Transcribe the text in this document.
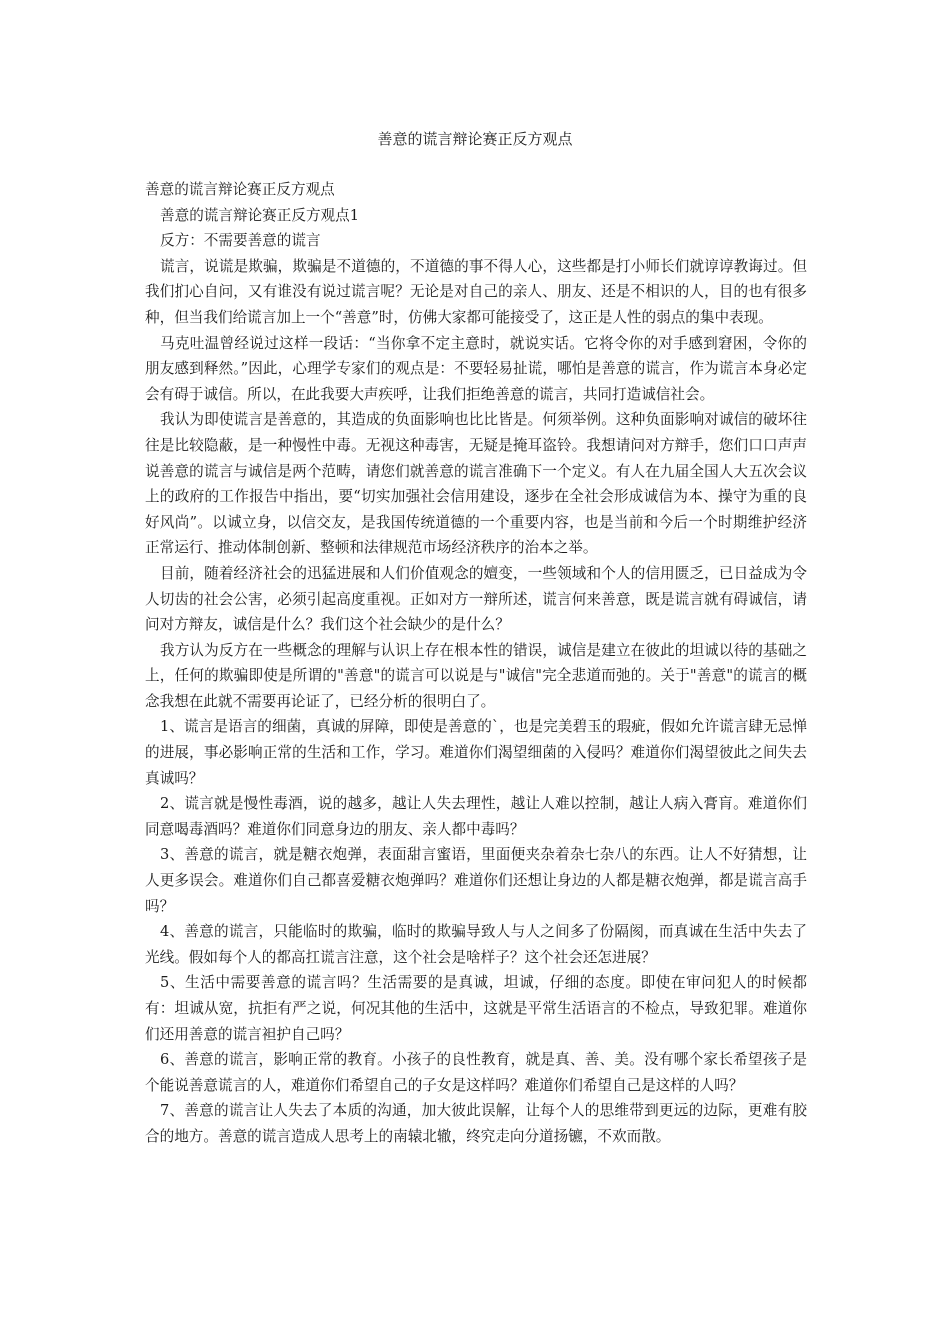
善意的谎言辩论赛正反方观点

善意的谎言辩论赛正反方观点

善意的谎言辩论赛正反方观点1

反方：不需要善意的谎言

谎言，说谎是欺骗，欺骗是不道德的，不道德的事不得人心，这些都是打小师长们就谆谆教诲过。但我们扪心自问，又有谁没有说过谎言呢？无论是对自己的亲人、朋友、还是不相识的人，目的也有很多种，但当我们给谎言加上一个“善意”时，仿佛大家都可能接受了，这正是人性的弱点的集中表现。

马克吐温曾经说过这样一段话：“当你拿不定主意时，就说实话。它将令你的对手感到窘困，令你的朋友感到释然。”因此，心理学专家们的观点是：不要轻易扯谎，哪怕是善意的谎言，作为谎言本身必定会有碍于诚信。所以，在此我要大声疾呼，让我们拒绝善意的谎言，共同打造诚信社会。

我认为即使谎言是善意的，其造成的负面影响也比比皆是。何须举例。这种负面影响对诚信的破坏往往是比较隐蔽，是一种慢性中毒。无视这种毒害，无疑是掩耳盗铃。我想请问对方辩手，您们口口声声说善意的谎言与诚信是两个范畴，请您们就善意的谎言准确下一个定义。有人在九届全国人大五次会议上的政府的工作报告中指出，要“切实加强社会信用建设，逐步在全社会形成诚信为本、操守为重的良好风尚”。以诚立身，以信交友，是我国传统道德的一个重要内容，也是当前和今后一个时期维护经济正常运行、推动体制创新、整顿和法律规范市场经济秩序的治本之举。

目前，随着经济社会的迅猛进展和人们价值观念的嬗变，一些领域和个人的信用匮乏，已日益成为令人切齿的社会公害，必须引起高度重视。正如对方一辩所述，谎言何来善意，既是谎言就有碍诚信，请问对方辩友，诚信是什么？我们这个社会缺少的是什么？

我方认为反方在一些概念的理解与认识上存在根本性的错误，诚信是建立在彼此的坦诚以待的基础之上，任何的欺骗即使是所谓的"善意"的谎言可以说是与"诚信"完全悲道而弛的。关于"善意"的谎言的概念我想在此就不需要再论证了，已经分析的很明白了。

1、谎言是语言的细菌，真诚的屏障，即使是善意的`，也是完美碧玉的瑕疵，假如允许谎言肆无忌惮的进展，事必影响正常的生活和工作，学习。难道你们渴望细菌的入侵吗？难道你们渴望彼此之间失去真诚吗？

2、谎言就是慢性毒酒，说的越多，越让人失去理性，越让人难以控制，越让人病入膏肓。难道你们同意喝毒酒吗？难道你们同意身边的朋友、亲人都中毒吗？

3、善意的谎言，就是糖衣炮弹，表面甜言蜜语，里面便夹杂着杂七杂八的东西。让人不好猜想，让人更多误会。难道你们自己都喜爱糖衣炮弹吗？难道你们还想让身边的人都是糖衣炮弹，都是谎言高手吗？

4、善意的谎言，只能临时的欺骗，临时的欺骗导致人与人之间多了份隔阂，而真诚在生活中失去了光线。假如每个人的都高扛谎言注意，这个社会是啥样子？这个社会还怎进展？

5、生活中需要善意的谎言吗？生活需要的是真诚，坦诚，仔细的态度。即使在审问犯人的时候都有：坦诚从宽，抗拒有严之说，何况其他的生活中，这就是平常生活语言的不检点，导致犯罪。难道你们还用善意的谎言袒护自己吗？

6、善意的谎言，影响正常的教育。小孩子的良性教育，就是真、善、美。没有哪个家长希望孩子是个能说善意谎言的人，难道你们希望自己的子女是这样吗？难道你们希望自己是这样的人吗？

7、善意的谎言让人失去了本质的沟通，加大彼此误解，让每个人的思维带到更远的边际，更难有胶合的地方。善意的谎言造成人思考上的南辕北辙，终究走向分道扬镳，不欢而散。
